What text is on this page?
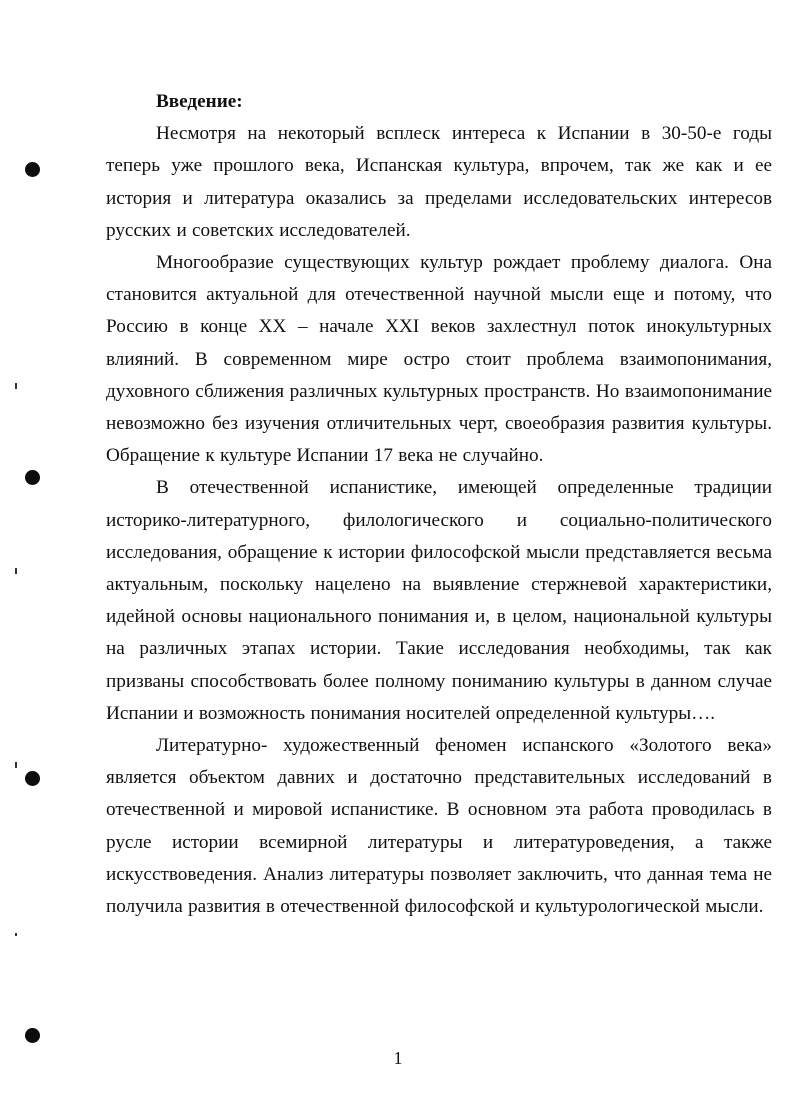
Введение:

Несмотря на некоторый всплеск интереса к Испании в 30-50-е годы теперь уже прошлого века, Испанская культура, впрочем, так же как и ее история и литература оказались за пределами исследовательских интересов русских и советских исследователей.

Многообразие существующих культур рождает проблему диалога. Она становится актуальной для отечественной научной мысли еще и потому, что Россию в конце XX – начале XXI веков захлестнул поток инокультурных влияний. В современном мире остро стоит проблема взаимопонимания, духовного сближения различных культурных пространств. Но взаимопонимание невозможно без изучения отличительных черт, своеобразия развития культуры. Обращение к культуре Испании 17 века не случайно.

В отечественной испанистике, имеющей определенные традиции историко-литературного, филологического и социально-политического исследования, обращение к истории философской мысли представляется весьма актуальным, поскольку нацелено на выявление стержневой характеристики, идейной основы национального понимания и, в целом, национальной культуры на различных этапах истории. Такие исследования необходимы, так как призваны способствовать более полному пониманию культуры в данном случае Испании и возможность понимания носителей определенной культуры….

Литературно- художественный феномен испанского «Золотого века» является объектом давних и достаточно представительных исследований в отечественной и мировой испанистике. В основном эта работа проводилась в русле истории всемирной литературы и литературоведения, а также искусствоведения. Анализ литературы позволяет заключить, что данная тема не получила развития в отечественной философской и культурологической мысли.

1
